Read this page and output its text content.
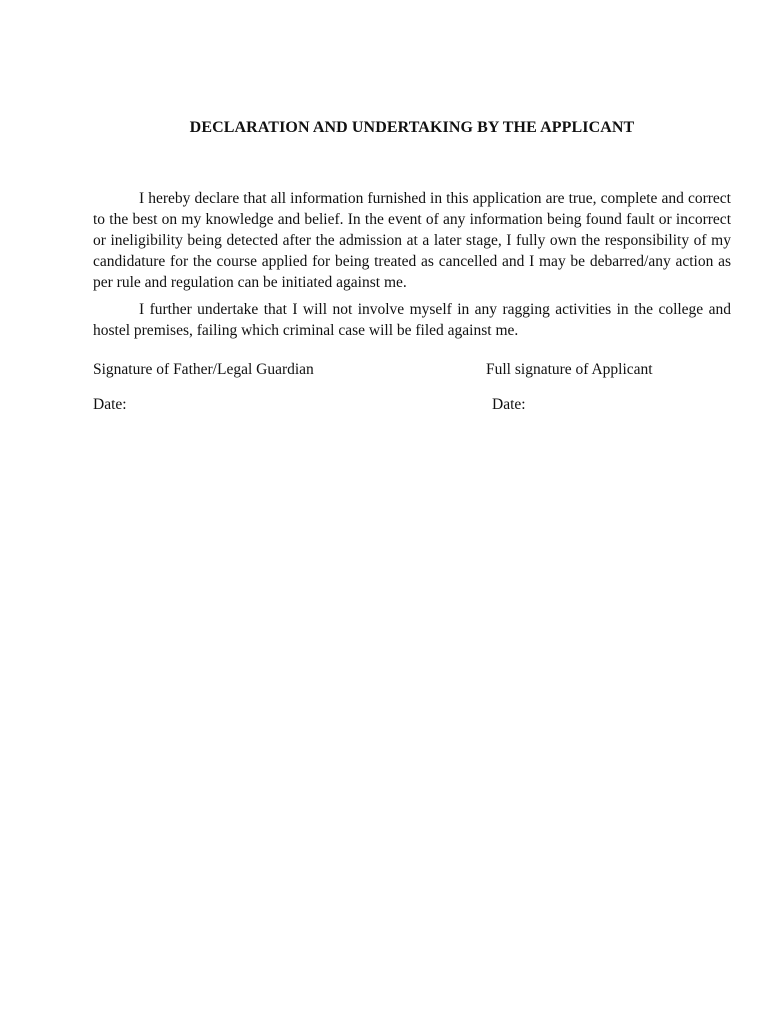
DECLARATION AND UNDERTAKING BY THE APPLICANT

I hereby declare that all information furnished in this application are true, complete and correct to the best on my knowledge and belief. In the event of any information being found fault or incorrect or ineligibility being detected after the admission at a later stage, I fully own the responsibility of my candidature for the course applied for being treated as cancelled and I may be debarred/any action as per rule and regulation can be initiated against me.

I further undertake that I will not involve myself in any ragging activities in the college and hostel premises, failing which criminal case will be filed against me.

Signature of Father/Legal Guardian	Full signature of Applicant
Date:	Date:
